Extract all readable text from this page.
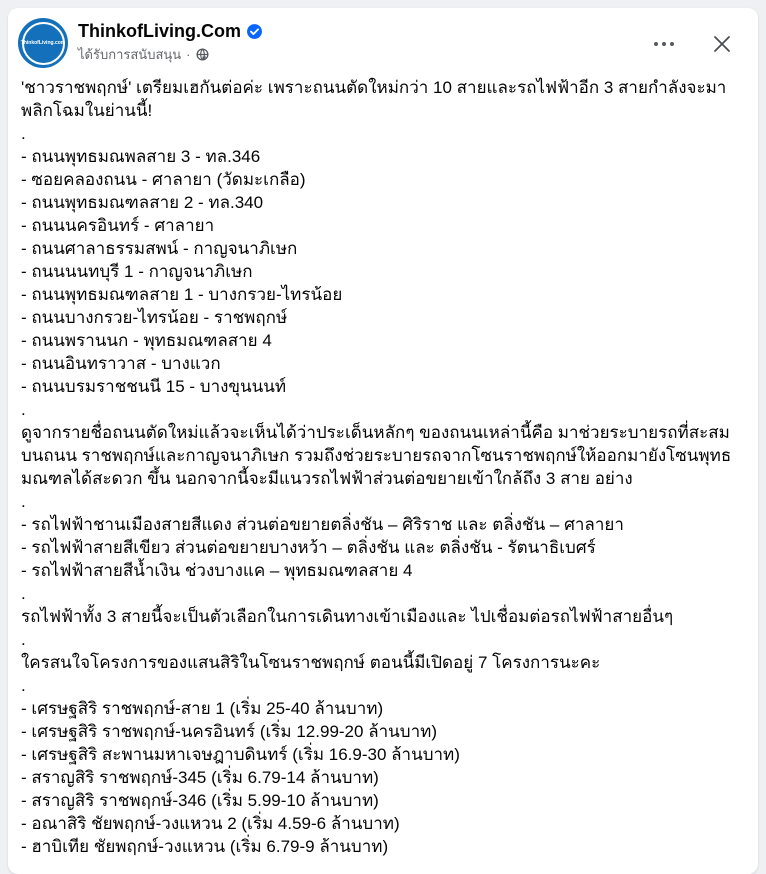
ThinkofLiving.com
ThinkofLiving.Com
ได้รับการสนับสนุน ·
'ชาวราชพฤกษ์' เตรียมเฮกันต่อค่ะ เพราะถนนตัดใหม่กว่า 10 สายและรถไฟฟ้าอีก 3 สายกำลังจะมาพลิกโฉมในย่านนี้!
.
- ถนนพุทธมณพลสาย 3 - ทล.346
- ซอยคลองถนน - ศาลายา (วัดมะเกลือ)
- ถนนพุทธมณฑลสาย 2 - ทล.340
- ถนนนครอินทร์ - ศาลายา
- ถนนศาลาธรรมสพน์ - กาญจนาภิเษก
- ถนนนนทบุรี 1 - กาญจนาภิเษก
- ถนนพุทธมณฑลสาย 1 - บางกรวย-ไทรน้อย
- ถนนบางกรวย-ไทรน้อย - ราชพฤกษ์
- ถนนพรานนก - พุทธมณฑลสาย 4
- ถนนอินทราวาส - บางแวก
- ถนนบรมราชชนนี 15 - บางขุนนนท์
.
ดูจากรายชื่อถนนตัดใหม่แล้วจะเห็นได้ว่าประเด็นหลักๆ ของถนนเหล่านี้คือ มาช่วยระบายรถที่สะสมบนถนน ราชพฤกษ์และกาญจนาภิเษก รวมถึงช่วยระบายรถจากโซนราชพฤกษ์ให้ออกมายังโซนพุทธมณฑลได้สะดวก ขึ้น นอกจากนี้จะมีแนวรถไฟฟ้าส่วนต่อขยายเข้าใกล้ถึง 3 สาย อย่าง
.
- รถไฟฟ้าชานเมืองสายสีแดง ส่วนต่อขยายตลิ่งชัน – ศิริราช และ ตลิ่งชัน – ศาลายา
- รถไฟฟ้าสายสีเขียว ส่วนต่อขยายบางหว้า – ตลิ่งชัน และ ตลิ่งชัน - รัตนาธิเบศร์
- รถไฟฟ้าสายสีน้ำเงิน ช่วงบางแค – พุทธมณฑลสาย 4
.
รถไฟฟ้าทั้ง 3 สายนี้จะเป็นตัวเลือกในการเดินทางเข้าเมืองและ ไปเชื่อมต่อรถไฟฟ้าสายอื่นๆ
.
ใครสนใจโครงการของแสนสิริในโซนราชพฤกษ์ ตอนนี้มีเปิดอยู่ 7 โครงการนะคะ
.
- เศรษฐสิริ ราชพฤกษ์-สาย 1 (เริ่ม 25-40 ล้านบาท)
- เศรษฐสิริ ราชพฤกษ์-นครอินทร์ (เริ่ม 12.99-20 ล้านบาท)
- เศรษฐสิริ สะพานมหาเจษฎาบดินทร์ (เริ่ม 16.9-30 ล้านบาท)
- สราญสิริ ราชพฤกษ์-345 (เริ่ม 6.79-14 ล้านบาท)
- สราญสิริ ราชพฤกษ์-346 (เริ่ม 5.99-10 ล้านบาท)
- อณาสิริ ชัยพฤกษ์-วงแหวน 2 (เริ่ม 4.59-6 ล้านบาท)
- ฮาบิเทีย ชัยพฤกษ์-วงแหวน (เริ่ม 6.79-9 ล้านบาท)
